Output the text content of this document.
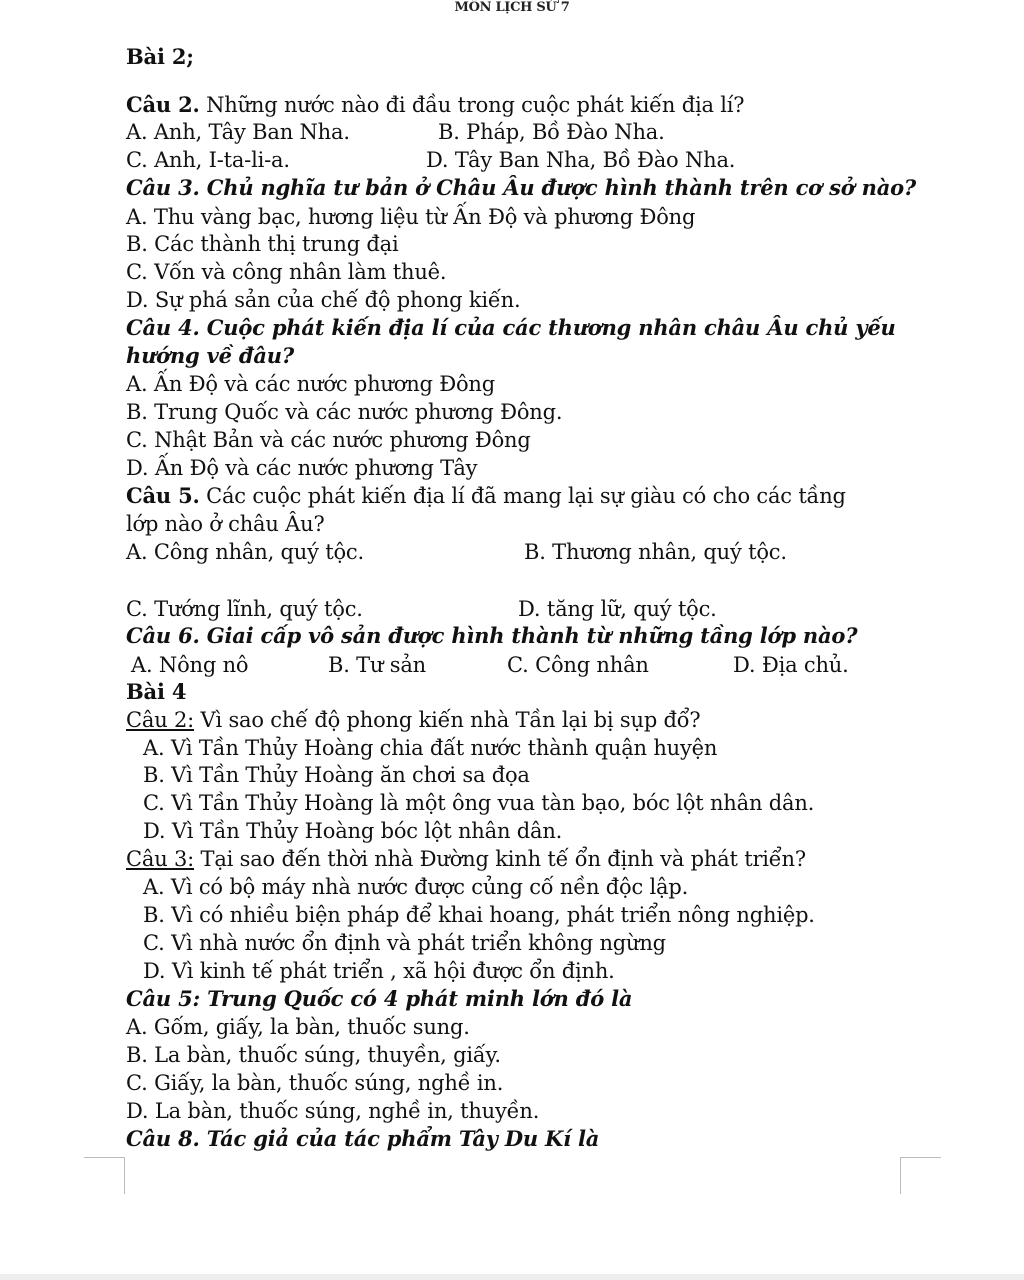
MÔN LỊCH SỬ 7
Bài 2;
Câu 2. Những nước nào đi đầu trong cuộc phát kiến địa lí?
A. Anh, Tây Ban Nha.	B. Pháp, Bồ Đào Nha.
C. Anh, I-ta-li-a.	D. Tây Ban Nha, Bồ Đào Nha.
Câu 3. Chủ nghĩa tư bản ở Châu Âu được hình thành trên cơ sở nào?
A. Thu vàng bạc, hương liệu từ Ấn Độ và phương Đông
B. Các thành thị trung đại
C. Vốn và công nhân làm thuê.
D. Sự phá sản của chế độ phong kiến.
Câu 4. Cuộc phát kiến địa lí của các thương nhân châu Âu chủ yếu
hướng về đâu?
A. Ấn Độ và các nước phương Đông
B. Trung Quốc và các nước phương Đông.
C. Nhật Bản và các nước phương Đông
D. Ấn Độ và các nước phương Tây
Câu 5. Các cuộc phát kiến địa lí đã mang lại sự giàu có cho các tầng
lớp nào ở châu Âu?
A. Công nhân, quý tộc.	B. Thương nhân, quý tộc.
C. Tướng lĩnh, quý tộc.	D. tăng lữ, quý tộc.
Câu 6. Giai cấp vô sản được hình thành từ những tầng lớp nào?
A. Nông nô	B. Tư sản	C. Công nhân	D. Địa chủ.
Bài 4
Câu 2: Vì sao chế độ phong kiến nhà Tần lại bị sụp đổ?
A. Vì Tần Thủy Hoàng chia đất nước thành quận huyện
B. Vì Tần Thủy Hoàng ăn chơi sa đọa
C. Vì Tần Thủy Hoàng là một ông vua tàn bạo, bóc lột nhân dân.
D. Vì Tần Thủy Hoàng bóc lột nhân dân.
Câu 3: Tại sao đến thời nhà Đường kinh tế ổn định và phát triển?
A. Vì có bộ máy nhà nước được củng cố nền độc lập.
B. Vì có nhiều biện pháp để khai hoang, phát triển nông nghiệp.
C. Vì nhà nước ổn định và phát triển không ngừng
D. Vì kinh tế phát triển , xã hội được ổn định.
Câu 5: Trung Quốc có 4 phát minh lớn đó là
A. Gốm, giấy, la bàn, thuốc sung.
B. La bàn, thuốc súng, thuyền, giấy.
C. Giấy, la bàn, thuốc súng, nghề in.
D. La bàn, thuốc súng, nghề in, thuyền.
Câu 8. Tác giả của tác phẩm Tây Du Kí là
